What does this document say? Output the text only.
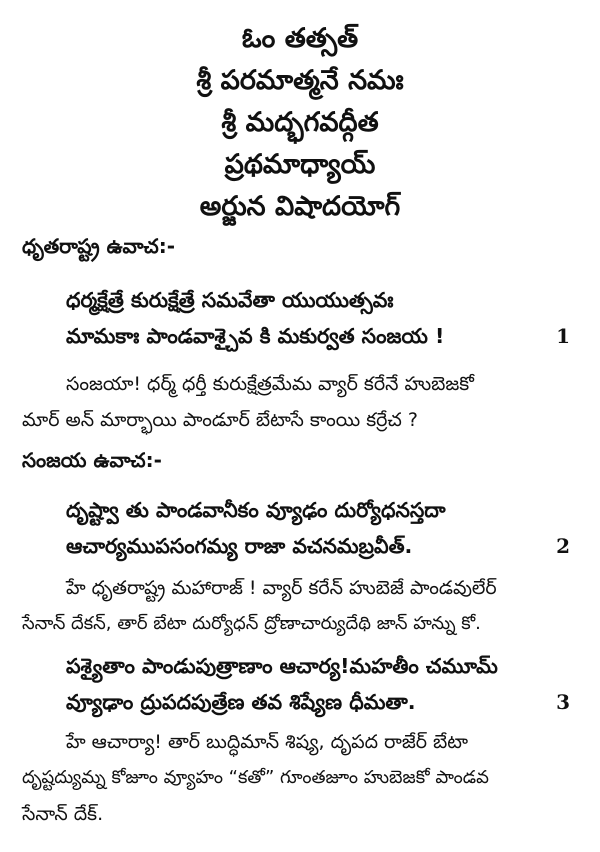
ఓం తత్సత్

శ్రీ పరమాత్మనే నమః

శ్రీ మద్భగవద్గీత

ప్రథమాధ్యాయ్

అర్జున విషాదయోగ్

ధృతరాష్ట్ర ఉవాచ:-
ధర్మక్షేత్రే కురుక్షేత్రే సమవేతా యుయుత్సవః
మామకాః పాండవాశ్చైవ కి మకుర్వత సంజయ !	1
సంజయా! ధర్మ్ ధర్తీ కురుక్షేత్రమేమ వ్యార్ కరేనే హుబెజకో
మార్ అన్ మార్భాయి పాండూర్ బేటాసే కాంయి కర్రేచ ?
సంజయ ఉవాచ:-
దృష్ట్వా తు పాండవానీకం వ్యూఢం దుర్యోధనస్తదా
ఆచార్యముపసంగమ్య రాజా వచనమబ్రవీత్.	2
హే ధృతరాష్ట్ర మహారాజ్ ! వ్యార్ కరేన్ హుబెజే పాండవులేర్
సేనాన్ దేకన్, తార్ బేటా దుర్యోధన్ ద్రోణాచార్యుదేథి జాన్ హన్ను కో.
పశ్యైతాం పాండుపుత్రాణాం ఆచార్య!మహతీం చమూమ్
వ్యూఢాం ద్రుపదపుత్రేణ తవ శిష్యేణ ధీమతా.	3
హే ఆచార్యా! తార్ బుద్ధిమాన్ శిష్య, దృపద రాజేర్ బేటా
దృష్టద్యుమ్న కోజూం వ్యూహం “కతో” గూంతజూం హుబెజకో పాండవ
సేనాన్ దేక్.
